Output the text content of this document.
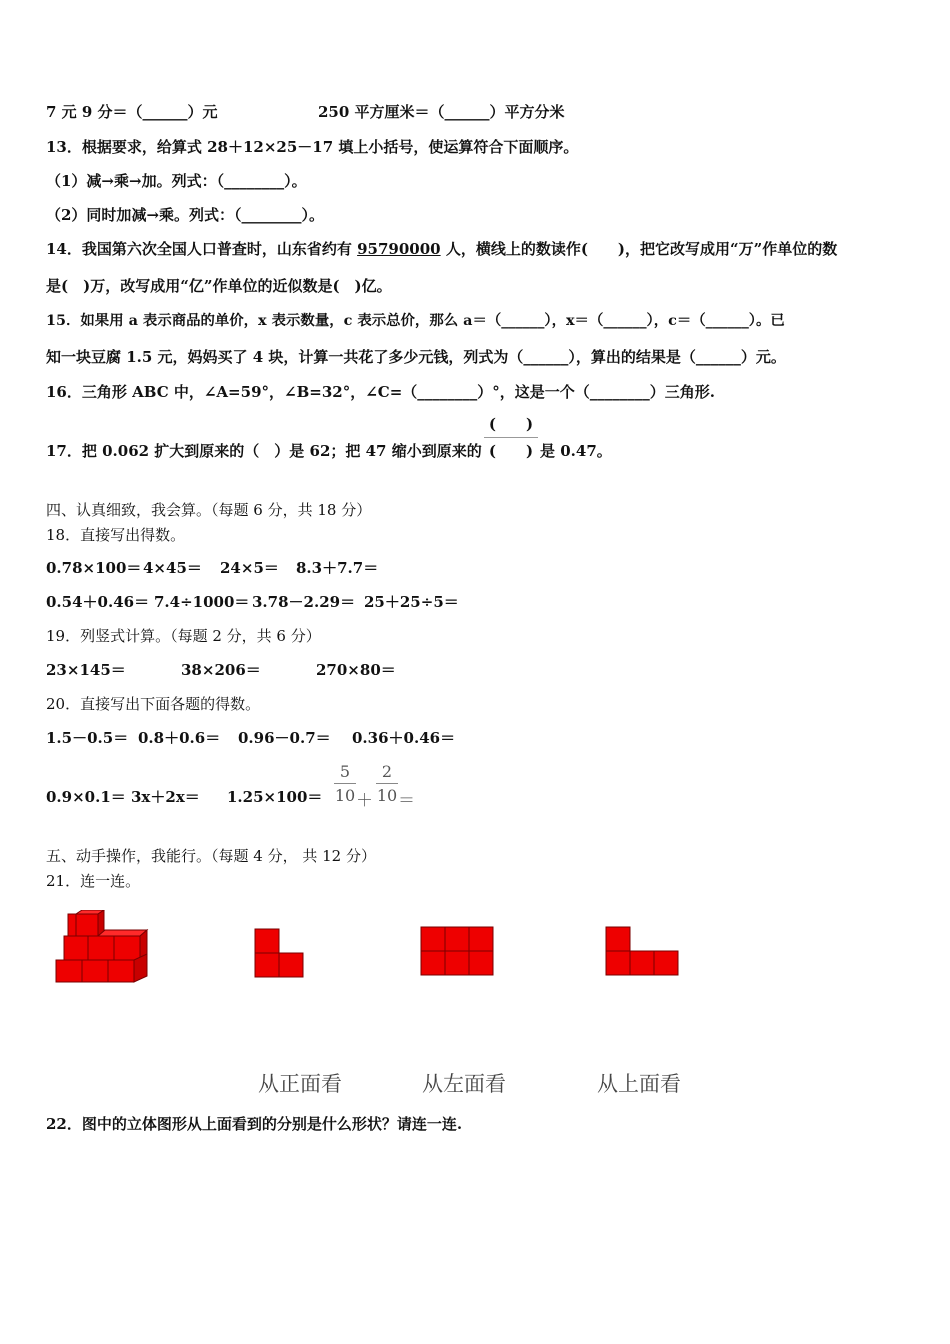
7 元 9 分＝（______）元	250 平方厘米＝（______）平方分米
13．根据要求，给算式 28＋12×25－17 填上小括号，使运算符合下面顺序。
（1）减→乘→加。列式：（________）。
（2）同时加减→乘。列式：（________）。
14．我国第六次全国人口普查时，山东省约有 95790000 人，横线上的数读作(　　)，把它改写成用“万”作单位的数
是(　)万，改写成用“亿”作单位的近似数是(　)亿。
15．如果用 a 表示商品的单价，x 表示数量，c 表示总价，那么 a＝（______），x＝（______），c＝（______）。已
知一块豆腐 1.5 元，妈妈买了 4 块，计算一共花了多少元钱，列式为（______），算出的结果是（______）元。
16．三角形 ABC 中，∠A=59°，∠B=32°，∠C=（________）°，这是一个（________）三角形.
17．把 0.062 扩大到原来的（　）是 62；把 47 缩小到原来的
(　　)
(　　) 是 0.47。
四、认真细致，我会算。（每题 6 分，共 18 分）
18．直接写出得数。
0.78×100＝ 4×45＝ 24×5＝ 8.3＋7.7＝
0.54＋0.46＝ 7.4÷1000＝ 3.78－2.29＝ 25＋25÷5＝
19．列竖式计算。（每题 2 分，共 6 分）
23×145＝	38×206＝	270×80＝
20．直接写出下面各题的得数。
1.5－0.5＝ 0.8＋0.6＝ 0.96－0.7＝ 0.36＋0.46＝
0.9×0.1＝ 3x＋2x＝ 1.25×100＝
5
10 ＋
2
10 ＝
五、动手操作，我能行。（每题 4 分， 共 12 分）
21．连一连。
从正面看	从左面看	从上面看
22．图中的立体图形从上面看到的分别是什么形状？请连一连.
